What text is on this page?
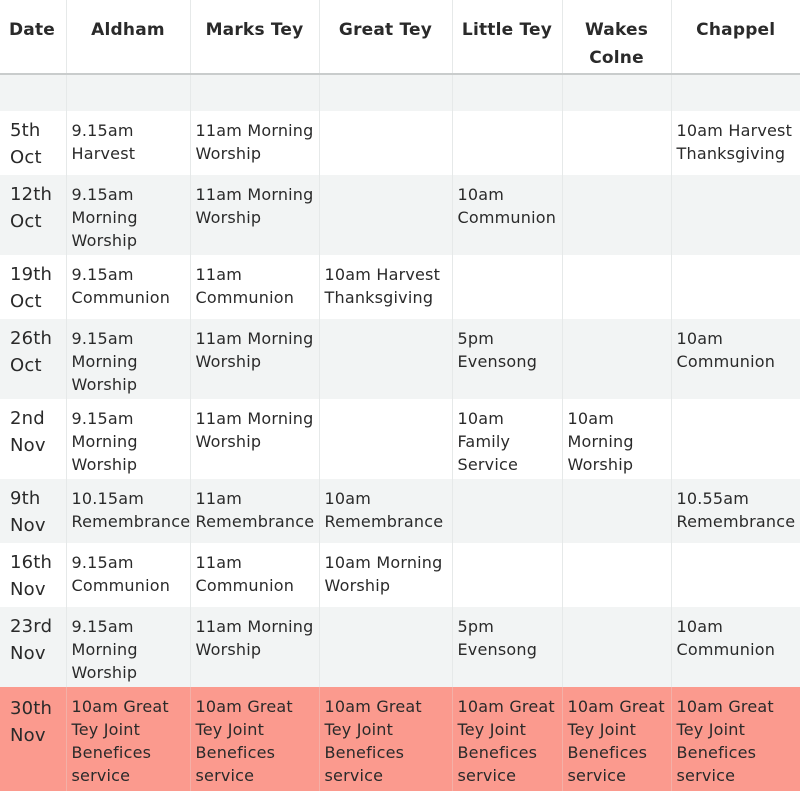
Date	Aldham	Marks Tey	Great Tey	Little Tey	Wakes Colne	Chappel

5th Oct	9.15am Harvest	11am Morning Worship				10am Harvest Thanksgiving
12th Oct	9.15am Morning Worship	11am Morning Worship		10am Communion		
19th Oct	9.15am Communion	11am Communion	10am Harvest Thanksgiving			
26th Oct	9.15am Morning Worship	11am Morning Worship		5pm Evensong		10am Communion
2nd Nov	9.15am Morning Worship	11am Morning Worship		10am Family Service	10am Morning Worship	
9th Nov	10.15am Remembrance	11am Remembrance	10am Remembrance			10.55am Remembrance
16th Nov	9.15am Communion	11am Communion	10am Morning Worship			
23rd Nov	9.15am Morning Worship	11am Morning Worship		5pm Evensong		10am Communion
30th Nov	10am Great Tey Joint Benefices service	10am Great Tey Joint Benefices service	10am Great Tey Joint Benefices service	10am Great Tey Joint Benefices service	10am Great Tey Joint Benefices service	10am Great Tey Joint Benefices service
